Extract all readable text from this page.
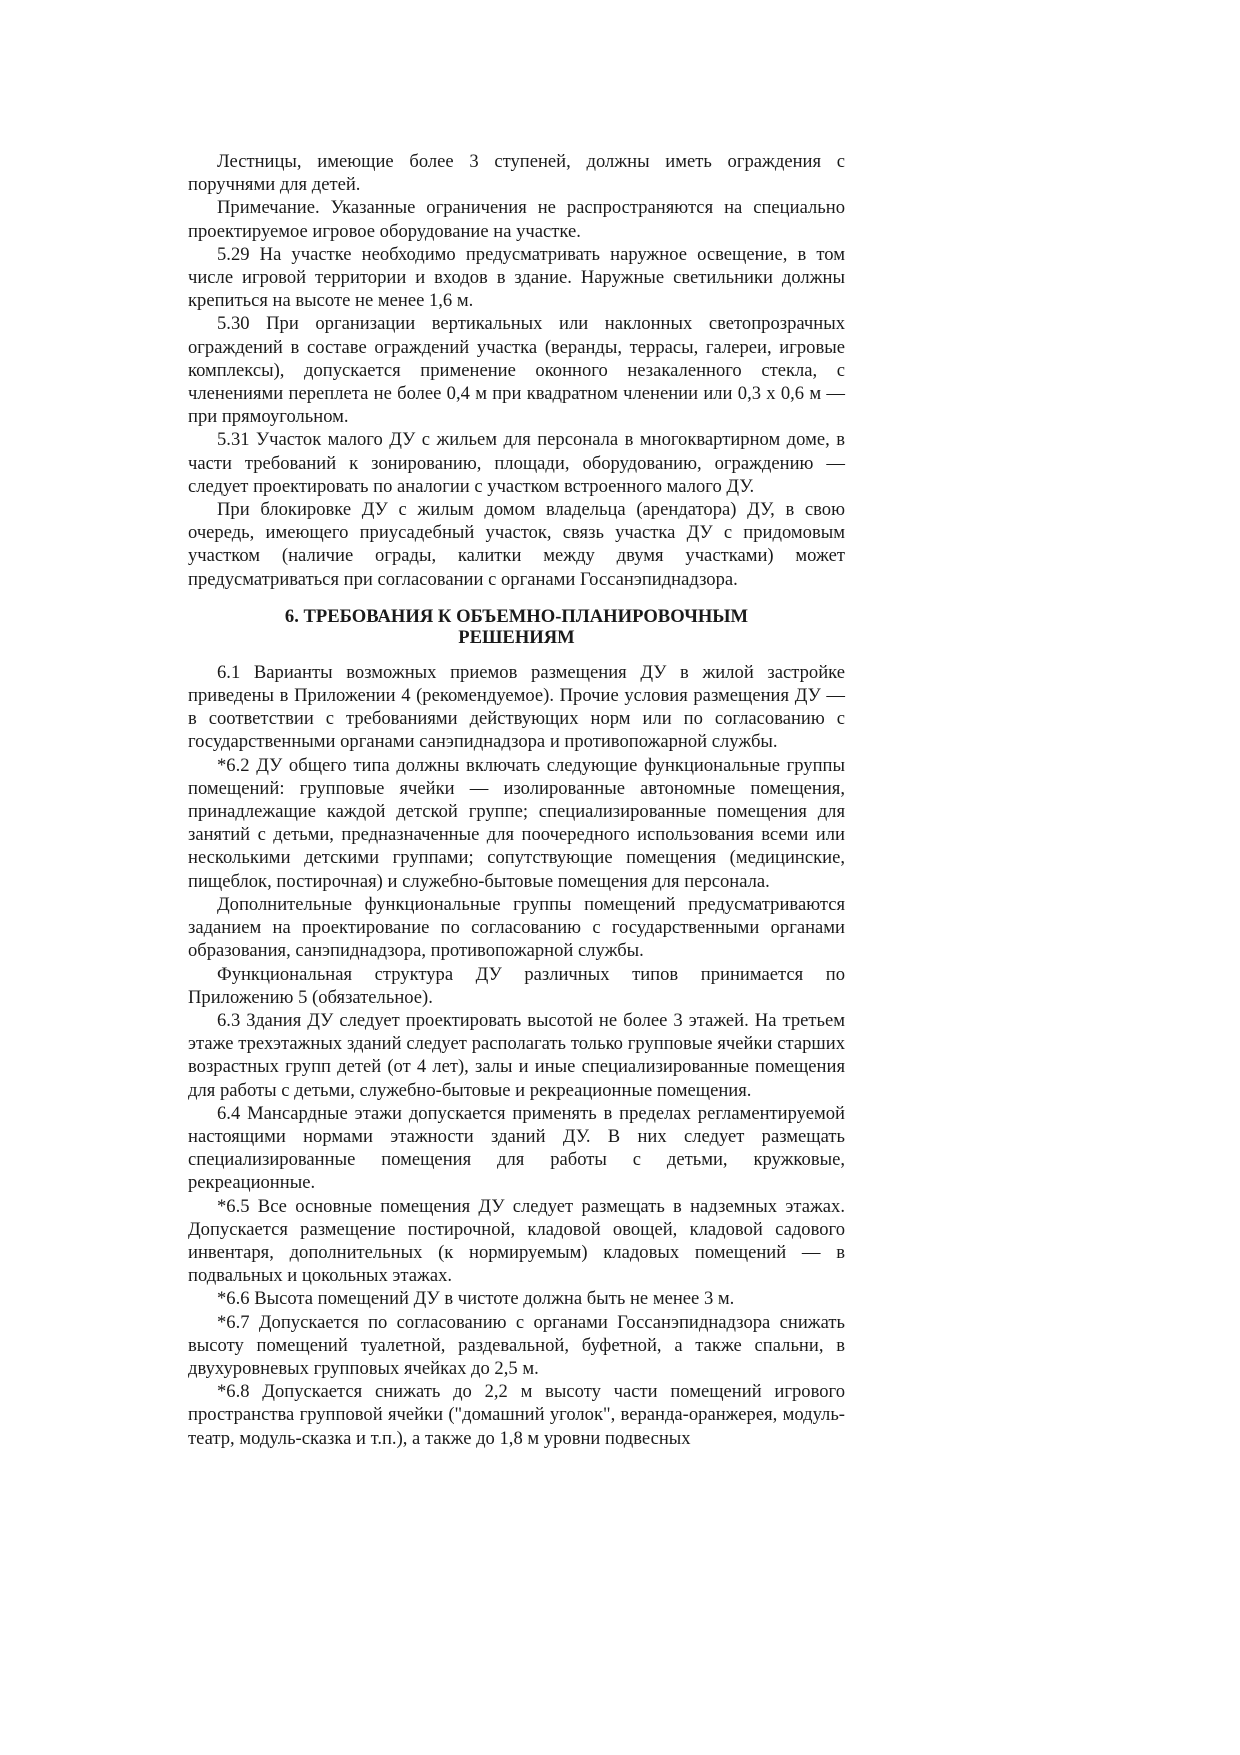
Лестницы, имеющие более 3 ступеней, должны иметь ограждения с поручнями для детей.

Примечание. Указанные ограничения не распространяются на специально проектируемое игровое оборудование на участке.

5.29 На участке необходимо предусматривать наружное освещение, в том числе игровой территории и входов в здание. Наружные светильники должны крепиться на высоте не менее 1,6 м.

5.30 При организации вертикальных или наклонных светопрозрачных ограждений в составе ограждений участка (веранды, террасы, галереи, игровые комплексы), допускается применение оконного незакаленного стекла, с членениями переплета не более 0,4 м при квадратном членении или 0,3 х 0,6 м — при прямоугольном.

5.31 Участок малого ДУ с жильем для персонала в многоквартирном доме, в части требований к зонированию, площади, оборудованию, ограждению — следует проектировать по аналогии с участком встроенного малого ДУ.

При блокировке ДУ с жилым домом владельца (арендатора) ДУ, в свою очередь, имеющего приусадебный участок, связь участка ДУ с придомовым участком (наличие ограды, калитки между двумя участками) может предусматриваться при согласовании с органами Госсанэпиднадзора.

6. ТРЕБОВАНИЯ К ОБЪЕМНО-ПЛАНИРОВОЧНЫМ РЕШЕНИЯМ

6.1 Варианты возможных приемов размещения ДУ в жилой застройке приведены в Приложении 4 (рекомендуемое). Прочие условия размещения ДУ — в соответствии с требованиями действующих норм или по согласованию с государственными органами санэпиднадзора и противопожарной службы.

*6.2 ДУ общего типа должны включать следующие функциональные группы помещений: групповые ячейки — изолированные автономные помещения, принадлежащие каждой детской группе; специализированные помещения для занятий с детьми, предназначенные для поочередного использования всеми или несколькими детскими группами; сопутствующие помещения (медицинские, пищеблок, постирочная) и служебно-бытовые помещения для персонала.

Дополнительные функциональные группы помещений предусматриваются заданием на проектирование по согласованию с государственными органами образования, санэпиднадзора, противопожарной службы.

Функциональная структура ДУ различных типов принимается по Приложению 5 (обязательное).

6.3 Здания ДУ следует проектировать высотой не более 3 этажей. На третьем этаже трехэтажных зданий следует располагать только групповые ячейки старших возрастных групп детей (от 4 лет), залы и иные специализированные помещения для работы с детьми, служебно-бытовые и рекреационные помещения.

6.4 Мансардные этажи допускается применять в пределах регламентируемой настоящими нормами этажности зданий ДУ. В них следует размещать специализированные помещения для работы с детьми, кружковые, рекреационные.

*6.5 Все основные помещения ДУ следует размещать в надземных этажах. Допускается размещение постирочной, кладовой овощей, кладовой садового инвентаря, дополнительных (к нормируемым) кладовых помещений — в подвальных и цокольных этажах.

*6.6 Высота помещений ДУ в чистоте должна быть не менее 3 м.

*6.7 Допускается по согласованию с органами Госсанэпиднадзора снижать высоту помещений туалетной, раздевальной, буфетной, а также спальни, в двухуровневых групповых ячейках до 2,5 м.

*6.8 Допускается снижать до 2,2 м высоту части помещений игрового пространства групповой ячейки ("домашний уголок", веранда-оранжерея, модуль-театр, модуль-сказка и т.п.), а также до 1,8 м уровни подвесных
